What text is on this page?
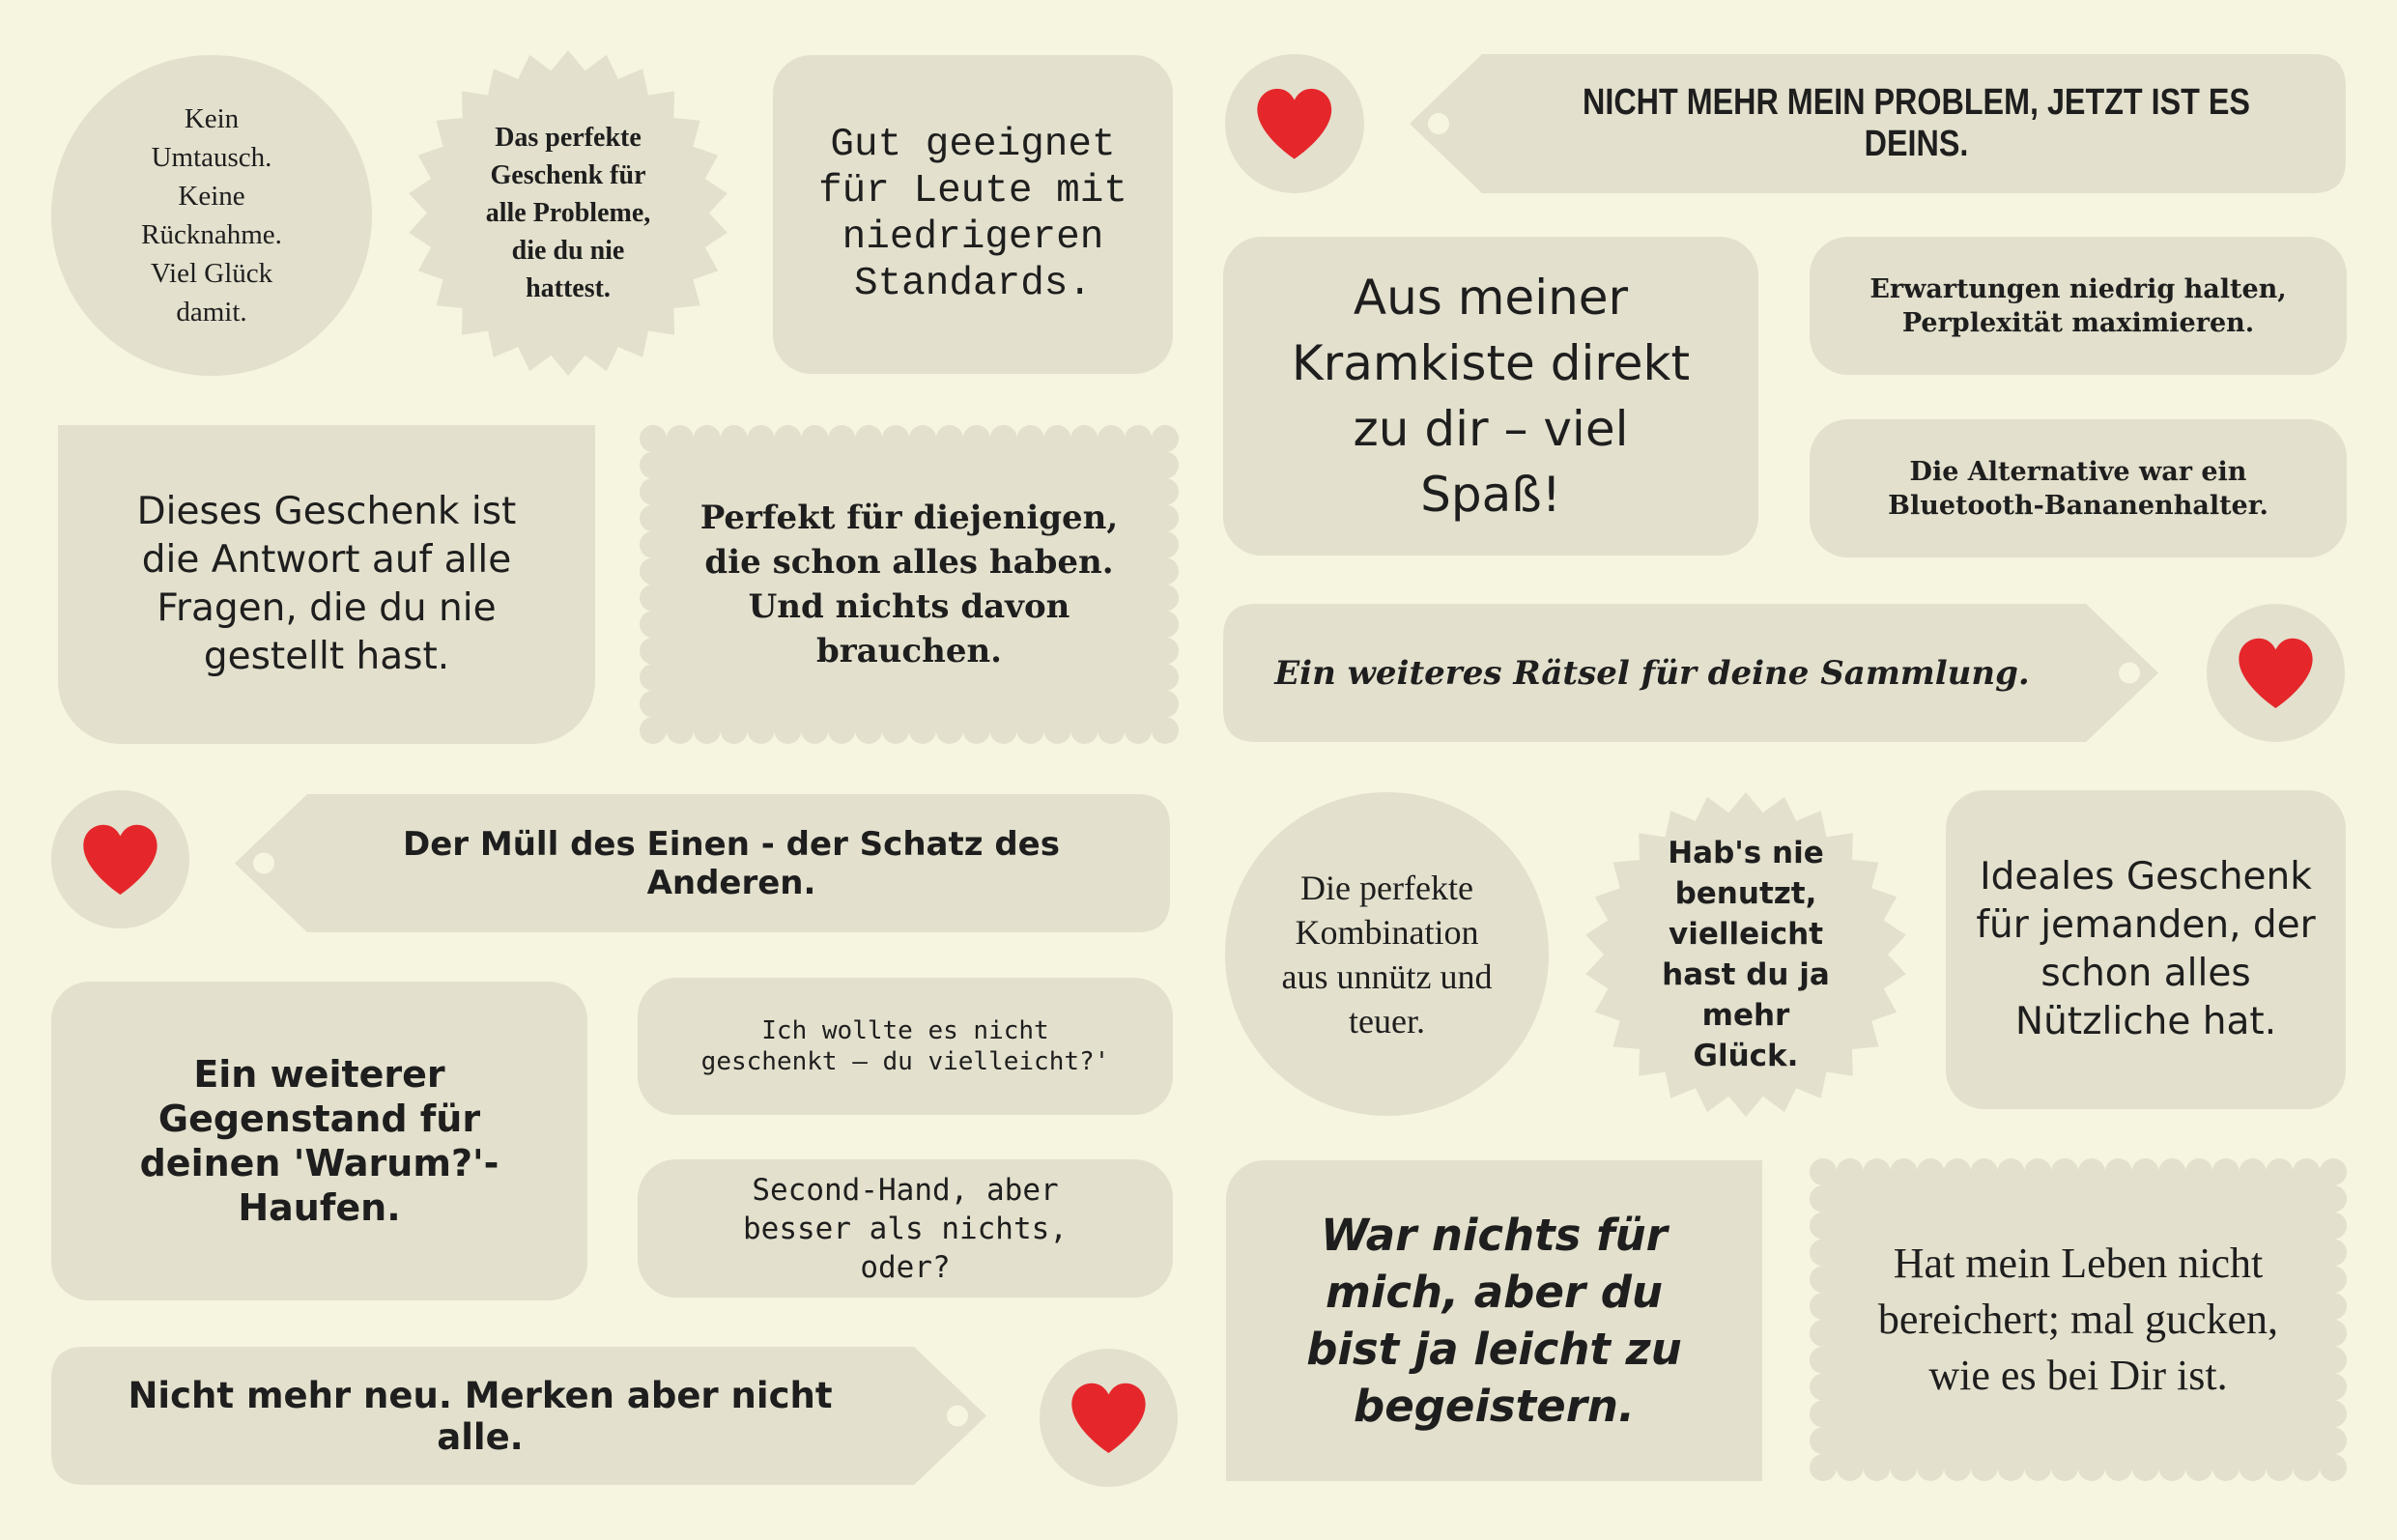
Kein Umtausch. Keine Rücknahme. Viel Glück damit.
Das perfekte Geschenk für alle Probleme, die du nie hattest.
Gut geeignet für Leute mit niedrigeren Standards.
NICHT MEHR MEIN PROBLEM, JETZT IST ES DEINS.
Aus meiner Kramkiste direkt zu dir – viel Spaß!
Erwartungen niedrig halten, Perplexität maximieren.
Die Alternative war ein Bluetooth-Bananenhalter.
Dieses Geschenk ist die Antwort auf alle Fragen, die du nie gestellt hast.
Perfekt für diejenigen, die schon alles haben. Und nichts davon brauchen.
Ein weiteres Rätsel für deine Sammlung.
Der Müll des Einen - der Schatz des Anderen.	Die perfekte Kombination aus unnütz und teuer.
Hab's nie benutzt, vielleicht hast du ja mehr Glück.
Ideales Geschenk für jemanden, der schon alles Nützliche hat.
Ein weiterer Gegenstand für deinen 'Warum?'-Haufen.
Ich wollte es nicht geschenkt – du vielleicht?'
Second-Hand, aber besser als nichts, oder?
War nichts für mich, aber du bist ja leicht zu begeistern.
Hat mein Leben nicht bereichert; mal gucken, wie es bei Dir ist.
Nicht mehr neu. Merken aber nicht alle.
